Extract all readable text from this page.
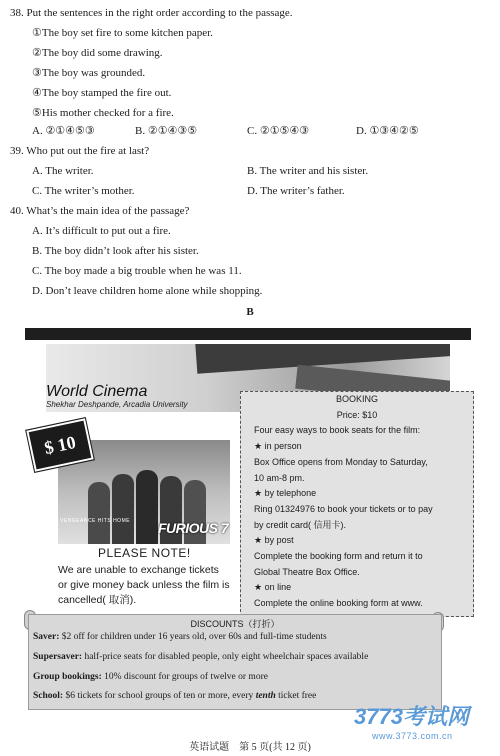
38. Put the sentences in the right order according to the passage.
①The boy set fire to some kitchen paper.
②The boy did some drawing.
③The boy was grounded.
④The boy stamped the fire out.
⑤His mother checked for a fire.
A. ②①④⑤③	B. ②①④③⑤	C. ②①⑤④③	D. ①③④②⑤
39. Who put out the fire at last?
A. The writer.	B. The writer and his sister.
C. The writer’s mother.	D. The writer’s father.
40. What’s the main idea of the passage?
A. It’s difficult to put out a fire.
B. The boy didn’t look after his sister.
C. The boy made a big trouble when he was 11.
D. Don’t leave children home alone while shopping.
B
World Cinema
Shekhar Deshpande, Arcadia University
$ 10
VENGEANCE HITS HOME FURIOUS 7
PLEASE NOTE!
We are unable to exchange tickets
or give money back unless the film is
cancelled( 取消).
BOOKING
Price: $10
Four easy ways to book seats for the film:
★ in person
Box Office opens from Monday to Saturday,
10 am-8 pm.
★ by telephone
Ring 01324976 to book your tickets or to pay
by credit card( 信用卡).
★ by post
Complete the booking form and return it to
Global Theatre Box Office.
★ on line
Complete the online booking form at www.
DISCOUNTS（打折）
Saver: $2 off for children under 16 years old, over 60s and full-time students
Supersaver: half-price seats for disabled people, only eight wheelchair spaces available
Group bookings: 10% discount for groups of twelve or more
School: $6 tickets for school groups of ten or more, every tenth ticket free
英语试题　第 5 页(共 12 页)
3773考试网
www.3773.com.cn
